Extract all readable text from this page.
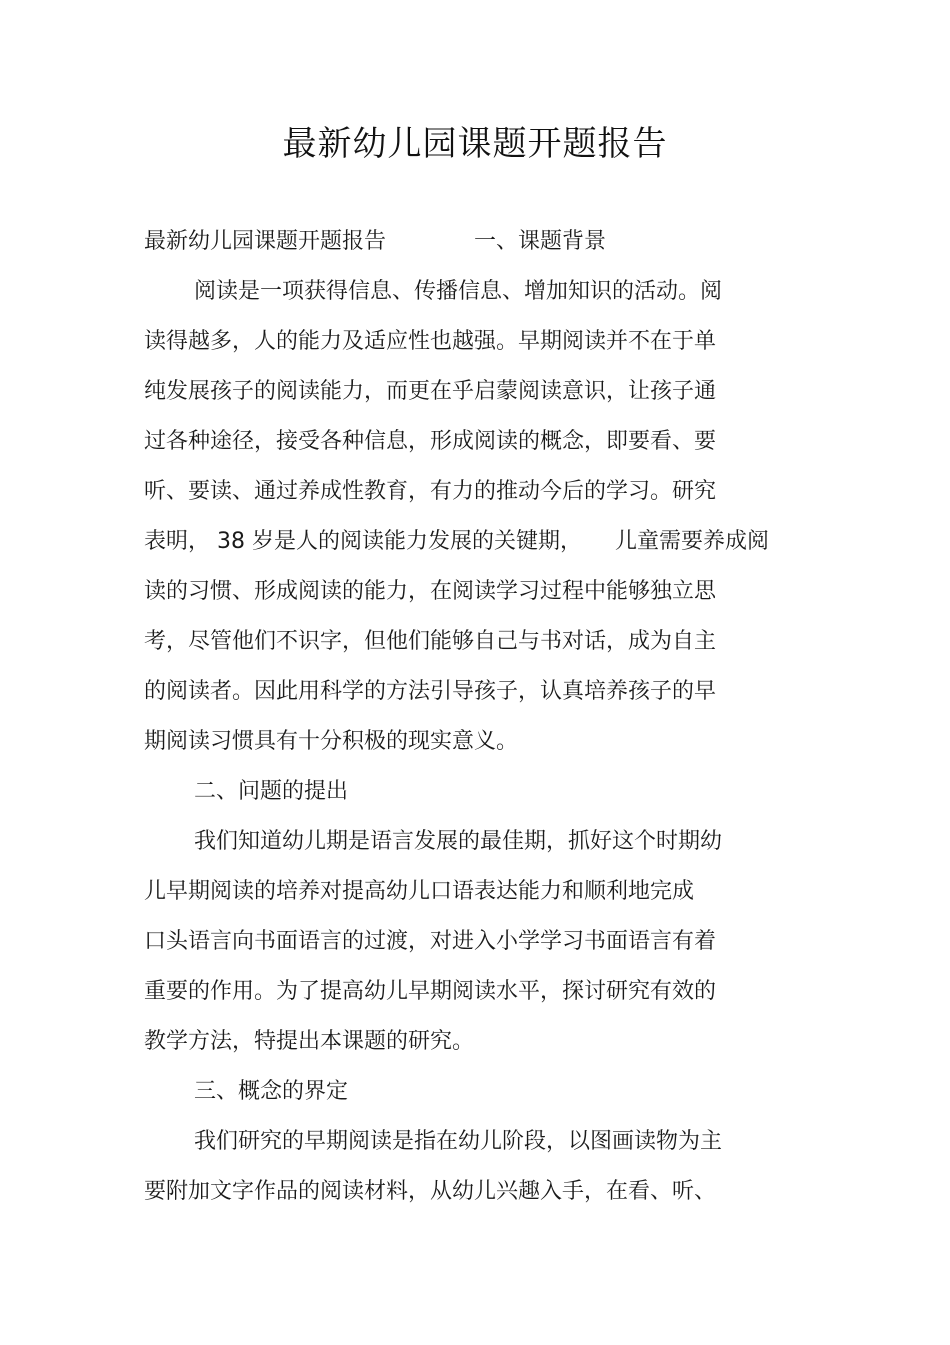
最新幼儿园课题开题报告

最新幼儿园课题开题报告　　　　一、课题背景

阅读是一项获得信息、传播信息、增加知识的活动。阅

读得越多，人的能力及适应性也越强。早期阅读并不在于单

纯发展孩子的阅读能力，而更在乎启蒙阅读意识，让孩子通

过各种途径，接受各种信息，形成阅读的概念，即要看、要

听、要读、通过养成性教育，有力的推动今后的学习。研究

表明， 38 岁是人的阅读能力发展的关键期，　　儿童需要养成阅

读的习惯、形成阅读的能力，在阅读学习过程中能够独立思

考，尽管他们不识字，但他们能够自己与书对话，成为自主

的阅读者。因此用科学的方法引导孩子，认真培养孩子的早

期阅读习惯具有十分积极的现实意义。

二、问题的提出

我们知道幼儿期是语言发展的最佳期，抓好这个时期幼

儿早期阅读的培养对提高幼儿口语表达能力和顺利地完成

口头语言向书面语言的过渡，对进入小学学习书面语言有着

重要的作用。为了提高幼儿早期阅读水平，探讨研究有效的

教学方法，特提出本课题的研究。

三、概念的界定

我们研究的早期阅读是指在幼儿阶段，以图画读物为主

要附加文字作品的阅读材料，从幼儿兴趣入手，在看、听、
